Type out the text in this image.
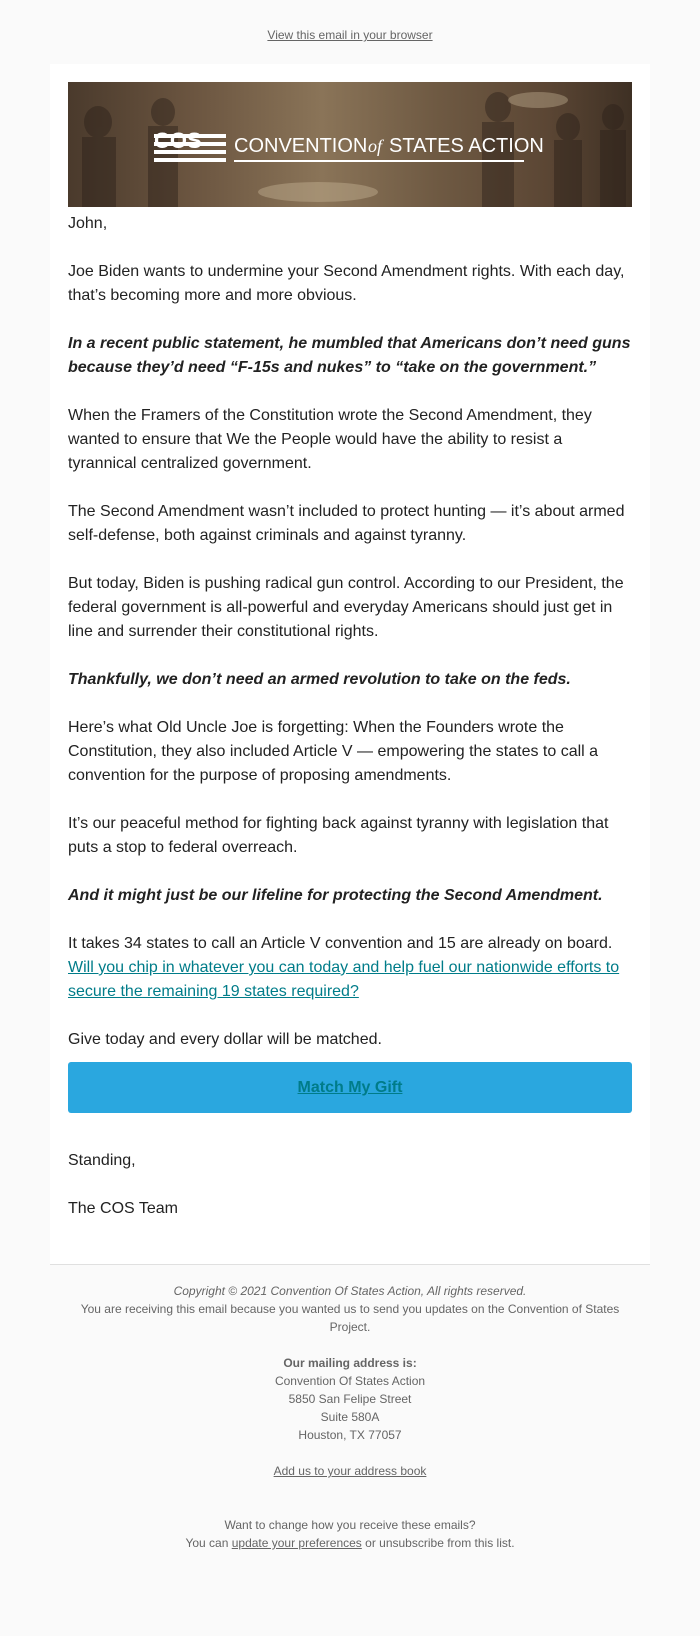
View this email in your browser
COS CONVENTION of STATES ACTION

John,

Joe Biden wants to undermine your Second Amendment rights. With each day, that’s becoming more and more obvious.

In a recent public statement, he mumbled that Americans don’t need guns because they’d need “F-15s and nukes” to “take on the government.”

When the Framers of the Constitution wrote the Second Amendment, they wanted to ensure that We the People would have the ability to resist a tyrannical centralized government.

The Second Amendment wasn’t included to protect hunting — it’s about armed self-defense, both against criminals and against tyranny.

But today, Biden is pushing radical gun control. According to our President, the federal government is all-powerful and everyday Americans should just get in line and surrender their constitutional rights.

Thankfully, we don’t need an armed revolution to take on the feds.

Here’s what Old Uncle Joe is forgetting: When the Founders wrote the Constitution, they also included Article V — empowering the states to call a convention for the purpose of proposing amendments.

It’s our peaceful method for fighting back against tyranny with legislation that puts a stop to federal overreach.

And it might just be our lifeline for protecting the Second Amendment.

It takes 34 states to call an Article V convention and 15 are already on board. Will you chip in whatever you can today and help fuel our nationwide efforts to secure the remaining 19 states required?

Give today and every dollar will be matched.

Match My Gift

Standing,

The COS Team

Copyright © 2021 Convention Of States Action, All rights reserved.

You are receiving this email because you wanted us to send you updates on the Convention of States Project.

Our mailing address is:

Convention Of States Action

5850 San Felipe Street

Suite 580A

Houston, TX 77057

Add us to your address book

Want to change how you receive these emails?

You can update your preferences or unsubscribe from this list.
